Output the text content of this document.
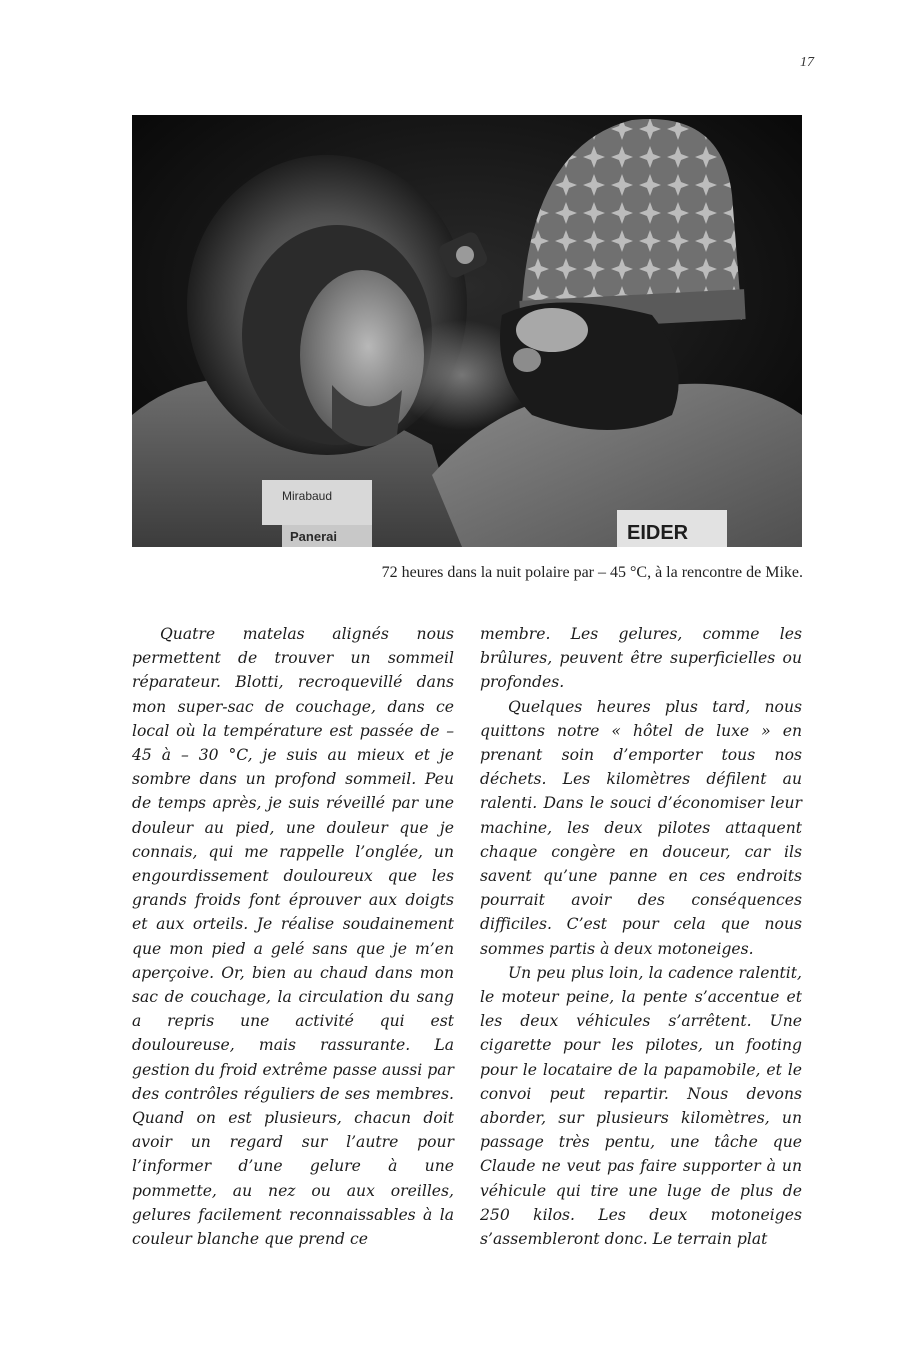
17
Mirabaud
Panerai	EIDER
72 heures dans la nuit polaire par – 45 °C, à la rencontre de Mike.

Quatre matelas alignés nous permettent de trouver un sommeil réparateur. Blotti, recroquevillé dans mon super-sac de couchage, dans ce local où la température est passée de – 45 à – 30 °C, je suis au mieux et je sombre dans un profond sommeil. Peu de temps après, je suis réveillé par une douleur au pied, une douleur que je connais, qui me rappelle l’onglée, un engourdissement douloureux que les grands froids font éprouver aux doigts et aux orteils. Je réalise soudainement que mon pied a gelé sans que je m’en aperçoive. Or, bien au chaud dans mon sac de couchage, la circulation du sang a repris une activité qui est douloureuse, mais rassurante. La gestion du froid extrême passe aussi par des contrôles réguliers de ses membres. Quand on est plusieurs, chacun doit avoir un regard sur l’autre pour l’informer d’une gelure à une pommette, au nez ou aux oreilles, gelures facilement reconnaissables à la couleur blanche que prend ce

membre. Les gelures, comme les brûlures, peuvent être superficielles ou profondes.

Quelques heures plus tard, nous quittons notre « hôtel de luxe » en prenant soin d’emporter tous nos déchets. Les kilomètres défilent au ralenti. Dans le souci d’économiser leur machine, les deux pilotes attaquent chaque congère en douceur, car ils savent qu’une panne en ces endroits pourrait avoir des conséquences difficiles. C’est pour cela que nous sommes partis à deux motoneiges.

Un peu plus loin, la cadence ralentit, le moteur peine, la pente s’accentue et les deux véhicules s’arrêtent. Une cigarette pour les pilotes, un footing pour le locataire de la papamobile, et le convoi peut repartir. Nous devons aborder, sur plusieurs kilomètres, un passage très pentu, une tâche que Claude ne veut pas faire supporter à un véhicule qui tire une luge de plus de 250 kilos. Les deux motoneiges s’assembleront donc. Le terrain plat
